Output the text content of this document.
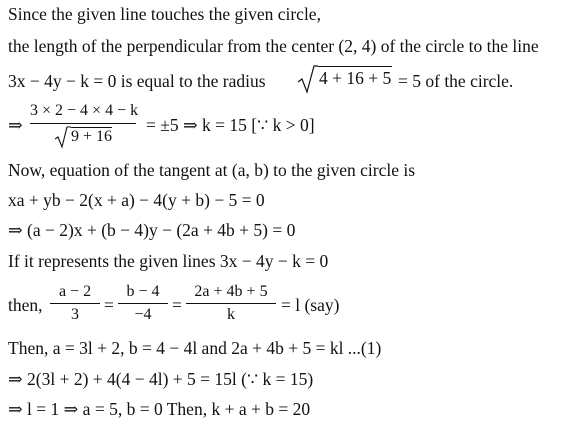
Since the given line touches the given circle,
the length of the perpendicular from the center (2, 4) of the circle to the line
3x − 4y − k = 0 is equal to the radius	4 + 16 + 5 = 5 of the circle.
⇒
3 × 2 − 4 × 4 − k
9 + 16
= ±5 ⇒ k = 15 [∵ k > 0]
Now, equation of the tangent at (a, b) to the given circle is
xa + yb − 2(x + a) − 4(y + b) − 5 = 0
⇒ (a − 2)x + (b − 4)y − (2a + 4b + 5) = 0
If it represents the given lines 3x − 4y − k = 0
then,
a − 2
3	=
b − 4
−4	=
2a + 4b + 5
k	= l (say)
Then, a = 3l + 2, b = 4 − 4l and 2a + 4b + 5 = kl ...(1)
⇒ 2(3l + 2) + 4(4 − 4l) + 5 = 15l (∵ k = 15)
⇒ l = 1 ⇒ a = 5, b = 0 Then, k + a + b = 20
